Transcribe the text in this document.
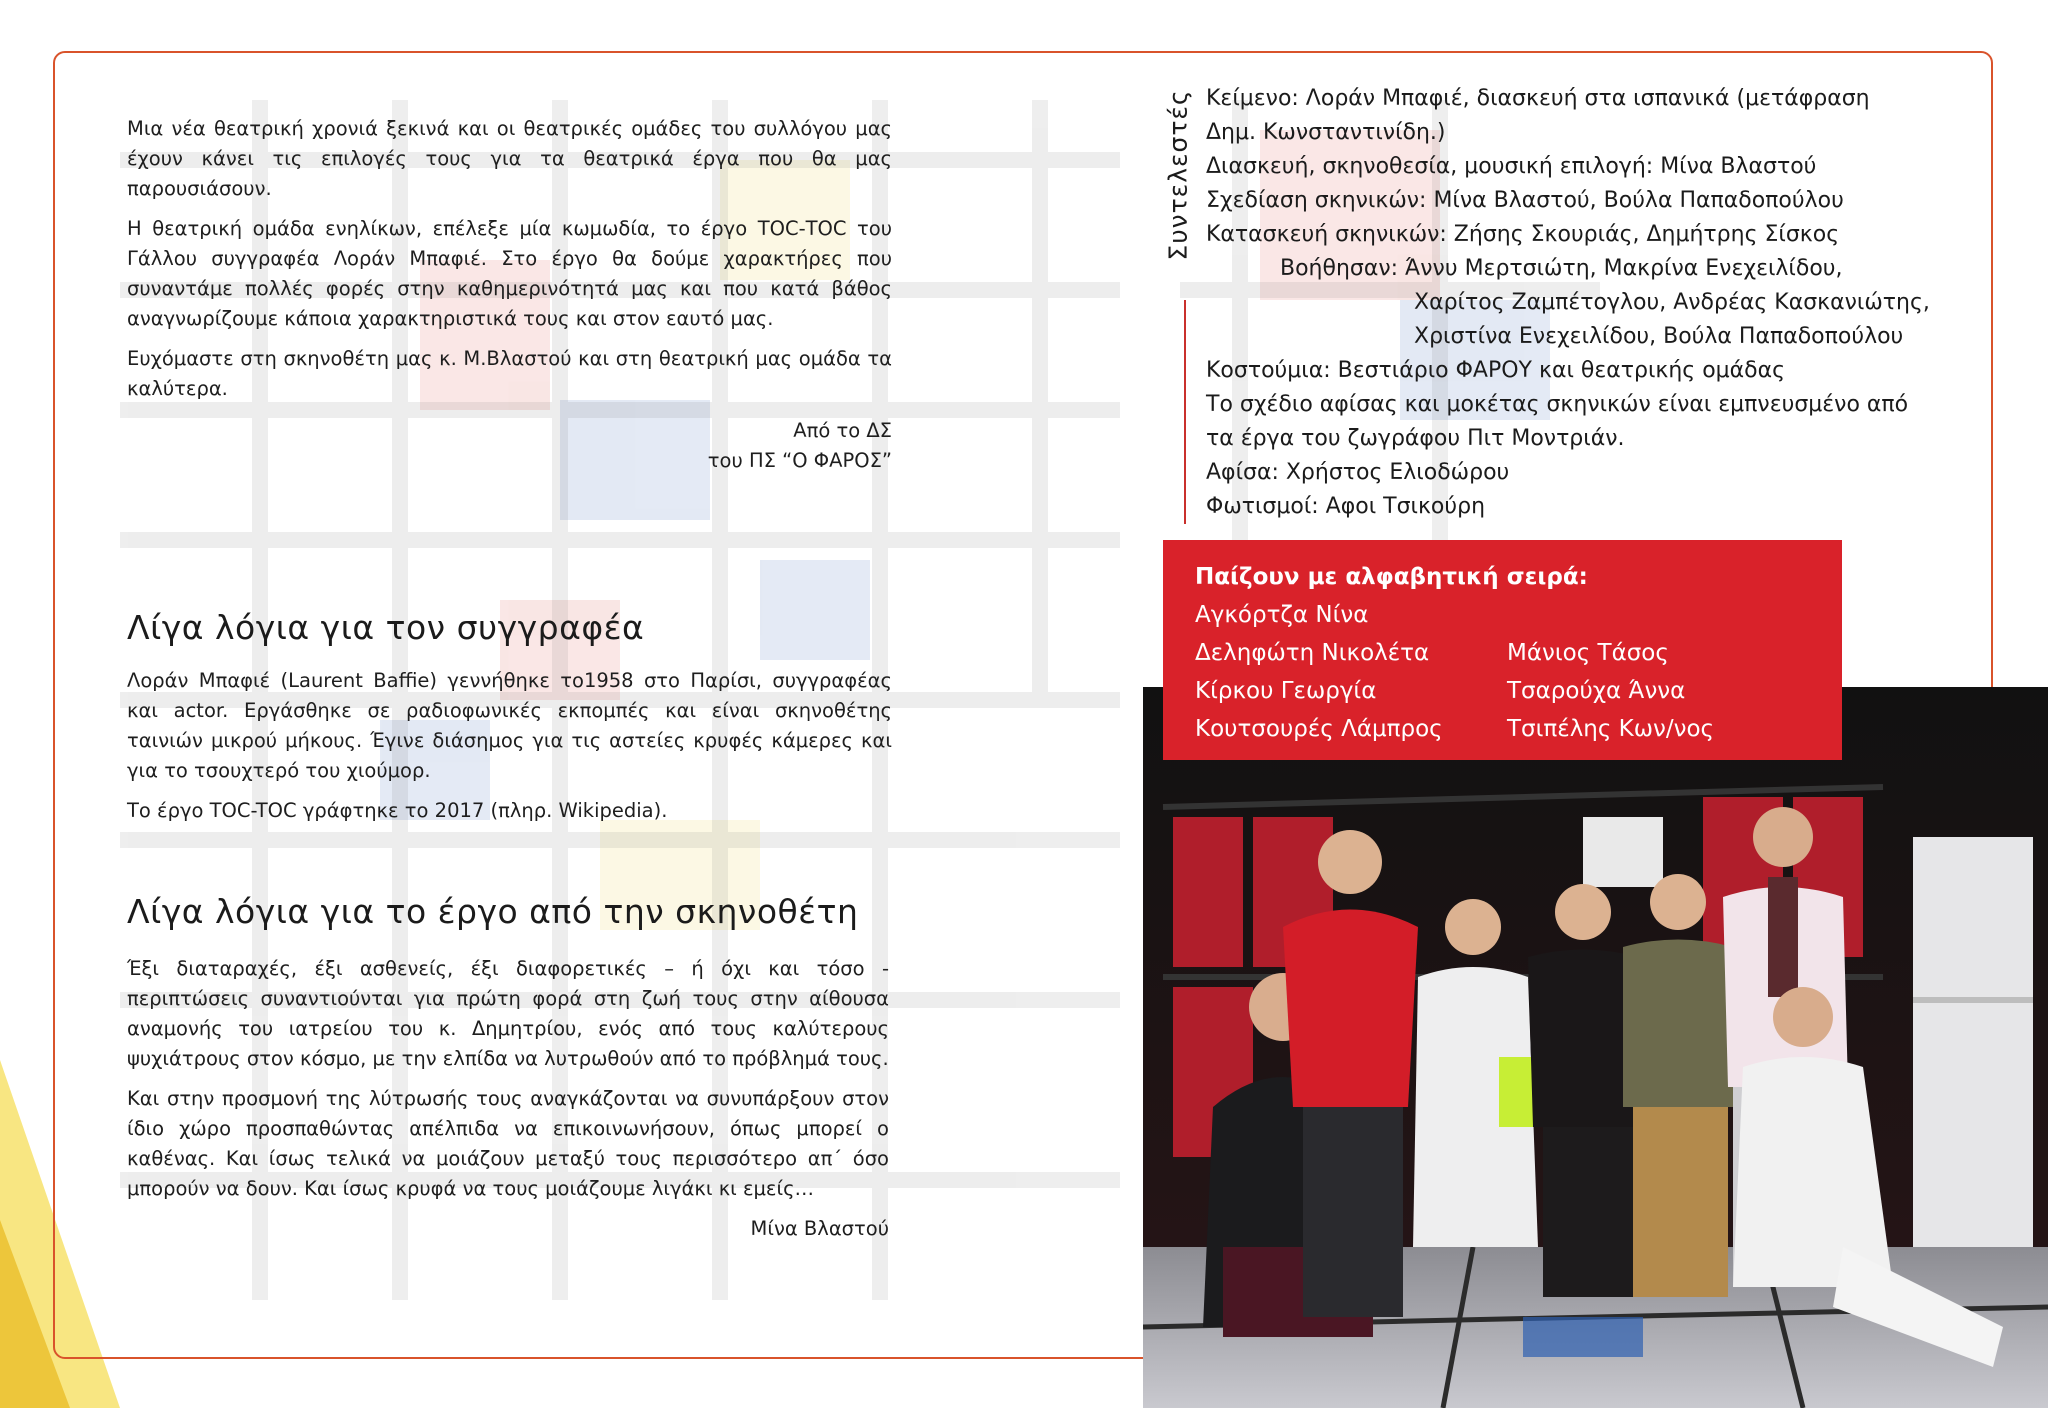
Μια νέα θεατρική χρονιά ξεκινά και οι θεατρικές ομάδες του συλλόγου μας έχουν κάνει τις επιλογές τους για τα θεατρικά έργα που θα μας παρουσιάσουν.

Η θεατρική ομάδα ενηλίκων, επέλεξε μία κωμωδία, το έργο ΤΟC-ΤΟC του Γάλλου συγγραφέα Λοράν Μπαφιέ. Στο έργο θα δούμε χαρακτήρες που συναντάμε πολλές φορές στην καθημερινότητά μας και που κατά βάθος αναγνωρίζουμε κάποια χαρακτηριστικά τους και στον εαυτό μας.

Ευχόμαστε στη σκηνοθέτη μας κ. Μ.Βλαστού και στη θεατρική μας ομάδα τα καλύτερα.

Από το ΔΣ
του ΠΣ “Ο ΦΑΡΟΣ”
Λίγα λόγια για τον συγγραφέα

Λοράν Μπαφιέ (Laurent Baffie) γεννήθηκε το1958 στο Παρίσι, συγγραφέας και actor. Εργάσθηκε σε ραδιοφωνικές εκπομπές και είναι σκηνοθέτης ταινιών μικρού μήκους. Έγινε διάσημος για τις αστείες κρυφές κάμερες και για το τσουχτερό του χιούμορ.

Το έργο TOC-TOC γράφτηκε το 2017 (πληρ. Wikipedia).

Λίγα λόγια για το έργο από την σκηνοθέτη

Έξι διαταραχές, έξι ασθενείς, έξι διαφορετικές – ή όχι και τόσο - περιπτώσεις συναντιούνται για πρώτη φορά στη ζωή τους στην αίθουσα αναμονής του ιατρείου του κ. Δημητρίου, ενός από τους καλύτερους ψυχιάτρους στον κόσμο, με την ελπίδα να λυτρωθούν από το πρόβλημά τους.

Και στην προσμονή της λύτρωσής τους αναγκάζονται να συνυπάρξουν στον ίδιο χώρο προσπαθώντας απέλπιδα να επικοινωνήσουν, όπως μπορεί ο καθένας. Και ίσως τελικά να μοιάζουν μεταξύ τους περισσότερο απ΄ όσο μπορούν να δουν. Και ίσως κρυφά να τους μοιάζουμε λιγάκι κι εμείς…

Μίνα Βλαστού
Συντελεστές Κείμενο: Λοράν Μπαφιέ, διασκευή στα ισπανικά (μετάφραση
Δημ. Κωνσταντινίδη.)
Διασκευή, σκηνοθεσία, μουσική επιλογή: Μίνα Βλαστού
Σχεδίαση σκηνικών: Μίνα Βλαστού, Βούλα Παπαδοπούλου
Κατασκευή σκηνικών: Ζήσης Σκουριάς, Δημήτρης Σίσκος
Βοήθησαν: Άννυ Μερτσιώτη, Μακρίνα Ενεχειλίδου,
Χαρίτος Ζαμπέτογλου, Ανδρέας Κασκανιώτης,
Χριστίνα Ενεχειλίδου, Βούλα Παπαδοπούλου
Κοστούμια: Βεστιάριο ΦΑΡΟΥ και θεατρικής ομάδας
Το σχέδιο αφίσας και μοκέτας σκηνικών είναι εμπνευσμένο από
τα έργα του ζωγράφου Πιτ Μοντριάν.
Αφίσα: Χρήστος Ελιοδώρου
Φωτισμοί: Αφοι Τσικούρη
Παίζουν με αλφαβητική σειρά:
Αγκόρτζα Νίνα
Δεληφώτη Νικολέτα	Μάνιος Τάσος
Κίρκου Γεωργία	Τσαρούχα Άννα
Κουτσουρές Λάμπρος	Τσιπέλης Κων/νος
